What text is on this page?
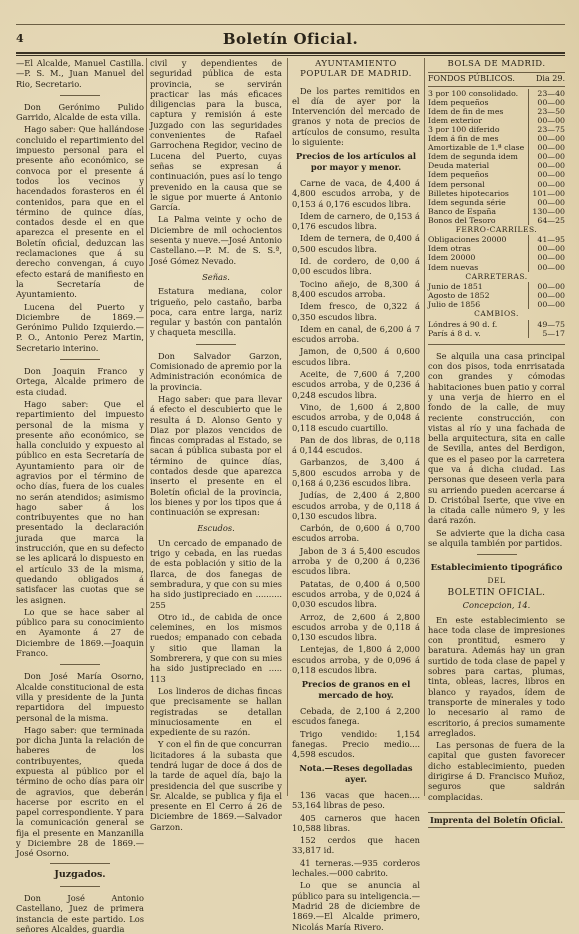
4	Boletín Oficial.

—El Alcalde, Manuel Castilla.—P. S. M., Juan Manuel del Rio, Secretario.

Don Gerónimo Pulido Garrido, Alcalde de esta villa.

Hago saber: Que hallándose concluido el repartimiento del impuesto personal para el presente año económico, se convoca por el presente á todos los vecinos y hacendados forasteros en él contenidos, para que en el término de quince días, contados desde el en que aparezca el presente en el Boletín oficial, deduzcan las reclamaciones que á su derecho convengan, á cuyo efecto estará de manifiesto en la Secretaría de Ayuntamiento.

Lucena del Puerto y Diciembre de 1869.—Gerónimo Pulido Izquierdo.—P. O., Antonio Perez Martin, Secretario interino.

Don Joaquin Franco y Ortega, Alcalde primero de esta ciudad.

Hago saber: Que el repartimiento del impuesto personal de la misma y presente año económico, se halla concluido y expuesto al público en esta Secretaría de Ayuntamiento para oir de agravios por el término de ocho días, fuera de los cuales no serán atendidos; asimismo hago saber á los contribuyentes que no han presentado la declaración jurada que marca la instrucción, que en su defecto se les aplicará lo dispuesto en el artículo 33 de la misma, quedando obligados á satisfacer las cuotas que se les asignen.

Lo que se hace saber al público para su conocimiento en Ayamonte á 27 de Diciembre de 1869.—Joaquin Franco.

Don José María Osorno, Alcalde constitucional de esta villa y presidente de la Junta repartidora del impuesto personal de la misma.

Hago saber: que terminada por dicha Junta la relación de haberes de los contribuyentes, queda expuesta al público por el término de ocho días para oir de agravios, que deberán hacerse por escrito en el papel correspondiente. Y para la comunicación general se fija el presente en Manzanilla y Diciembre 28 de 1869.—José Osorno.

Juzgados.

Don José Antonio Castellano, Juez de primera instancia de este partido. Los señores Alcaldes, guardia

civil y dependientes de seguridad pública de esta provincia, se servirán practicar las más eficaces diligencias para la busca, captura y remisión á este Juzgado con las seguridades convenientes de Rafael Garrochena Regidor, vecino de Lucena del Puerto, cuyas señas se expresan á continuación, pues así lo tengo prevenido en la causa que se le sigue por muerte á Antonio García.

La Palma veinte y ocho de Diciembre de mil ochocientos sesenta y nueve.—José Antonio Castellano.—P. M. de S. S.ª, José Gómez Nevado.

Señas.

Estatura mediana, color trigueño, pelo castaño, barba poca, cara entre larga, nariz regular y bastón con pantalón y chaqueta mescilla.

Don Salvador Garzon, Comisionado de apremio por la Administración económica de la provincia.

Hago saber: que para llevar á efecto el descubierto que le resulta á D. Alonso Gento y Diaz por plazos vencidos de fincas compradas al Estado, se sacan á pública subasta por el término de quince días, contados desde que aparezca inserto el presente en el Boletín oficial de la provincia, los bienes y por los tipos que á continuación se expresan:

Escudos.

Un cercado de empanado de trigo y cebada, en las ruedas de esta población y sitio de la Ilarca, de dos fanegas de sembradura, y que con su mies ha sido justipreciado en .......... 255

Otro id., de cabida de once celemines, en los mismos ruedos; empanado con cebada y sitio que llaman la Sombrerera, y que con su mies ha sido justipreciado en ..... 113

Los linderos de dichas fincas que precisamente se hallan registradas se detallan minuciosamente en el expediente de su razón.

Y con el fin de que concurran licitadores á la subasta que tendrá lugar de doce á dos de la tarde de aquel día, bajo la presidencia del que suscribe y Sr. Alcalde, se publica y fija el presente en El Cerro á 26 de Diciembre de 1869.—Salvador Garzon.

AYUNTAMIENTO POPULAR DE MADRID.

De los partes remitidos en el día de ayer por la Intervención del mercado de granos y nota de precios de artículos de consumo, resulta lo siguiente:

Precios de los artículos al por mayor y menor.

Carne de vaca, de 4,400 á 4,800 escudos arroba, y de 0,153 á 0,176 escudos libra.

Idem de carnero, de 0,153 á 0,176 escudos libra.

Idem de ternera, de 0,400 á 0,500 escudos libra.

Id. de cordero, de 0,00 á 0,00 escudos libra.

Tocino añejo, de 8,300 á 8,400 escudos arroba.

Idem fresco, de 0,322 á 0,350 escudos libra.

Idem en canal, de 6,200 á 7 escudos arroba.

Jamon, de 0,500 á 0,600 escudos libra.

Aceite, de 7,600 á 7,200 escudos arroba, y de 0,236 á 0,248 escudos libra.

Vino, de 1,600 á 2,800 escudos arroba, y de 0,048 á 0,118 escudo cuartillo.

Pan de dos libras, de 0,118 á 0,144 escudos.

Garbanzos, de 3,400 á 5,800 escudos arroba y de 0,168 á 0,236 escudos libra.

Judías, de 2,400 á 2,800 escudos arroba, y de 0,118 á 0,130 escudos libra.

Carbón, de 0,600 á 0,700 escudos arroba.

Jabon de 3 á 5,400 escudos arroba y de 0,200 á 0,236 escudos libra.

Patatas, de 0,400 á 0,500 escudos arroba, y de 0,024 á 0,030 escudos libra.

Arroz, de 2,600 á 2,800 escudos arroba y de 0,118 á 0,130 escudos libra.

Lentejas, de 1,800 á 2,000 escudos arroba, y de 0,096 á 0,118 escudos libra.

Precios de granos en el mercado de hoy.

Cebada, de 2,100 á 2,200 escudos fanega.

Trigo vendido: 1,154 fanegas. Precio medio.... 4,598 escudos.

Nota.—Reses degolladas ayer.

136 vacas que hacen.... 53,164 libras de peso.

405 carneros que hacen 10,588 libras.

152 cerdos que hacen 33,817 id.

41 terneras.—935 corderos lechales.—000 cabrito.

Lo que se anuncia al público para su inteligencia.—Madrid 28 de diciembre de 1869.—El Alcalde primero, Nicolás María Rivero.

BOLSA DE MADRID.
FONDOS PÚBLICOS.	Dia 29.
3 por 100 consolidado.	23—40
Idem pequeños	00—00
Idem de fin de mes	23—50
Idem exterior	00—00
3 por 100 diferido	23—75
Idem á fin de mes	00—00
Amortizable de 1.ª clase	00—00
Idem de segunda idem	00—00
Deuda material	00—00
Idem pequeños	00—00
Idem personal	00—00
Billetes hipotecarios	101—00
Idem segunda série	00—00
Banco de España	130—00
Bonos del Tesoro	64—25
FERRO-CARRILES.
Obligaciones 20000	41—95
Idem otras	00—00
Idem 20000	00—00
Idem nuevas	00—00
CARRETERAS.
Junio de 1851	00—00
Agosto de 1852	00—00
Julio de 1856	00—00
CAMBIOS.
Lóndres á 90 d. f.	49—75
París á 8 d. v.	5—17

Se alquila una casa principal con dos pisos, toda enrrisatada con grandes y cómodas habitaciones buen patio y corral y una verja de hierro en el fondo de la calle, de muy reciente construcción, con vistas al río y una fachada de bella arquitectura, sita en calle de Sevilla, antes del Berdigon, que es el paseo por la carretera que va á dicha ciudad. Las personas que deseen verla para su arriendo pueden acercarse á D. Cristóbal Iserte, que vive en la citada calle número 9, y les dará razón.

Se advierte que la dicha casa se alquila también por partidos.

Establecimiento tipográfico
DEL
BOLETIN OFICIAL.
Concepcion, 14.

En este establecimiento se hace toda clase de impresiones con prontitud, esmero y baratura. Además hay un gran surtido de toda clase de papel y sobres para cartas, plumas, tinta, obleas, lacres, libros en blanco y rayados, ídem de transporte de minerales y todo lo necesario al ramo de escritorio, á precios sumamente arreglados.

Las personas de fuera de la capital que gusten favorecer dicho establecimiento, pueden dirigirse á D. Francisco Muñoz, seguros que saldrán complacidas.

Imprenta del Boletín Oficial.
